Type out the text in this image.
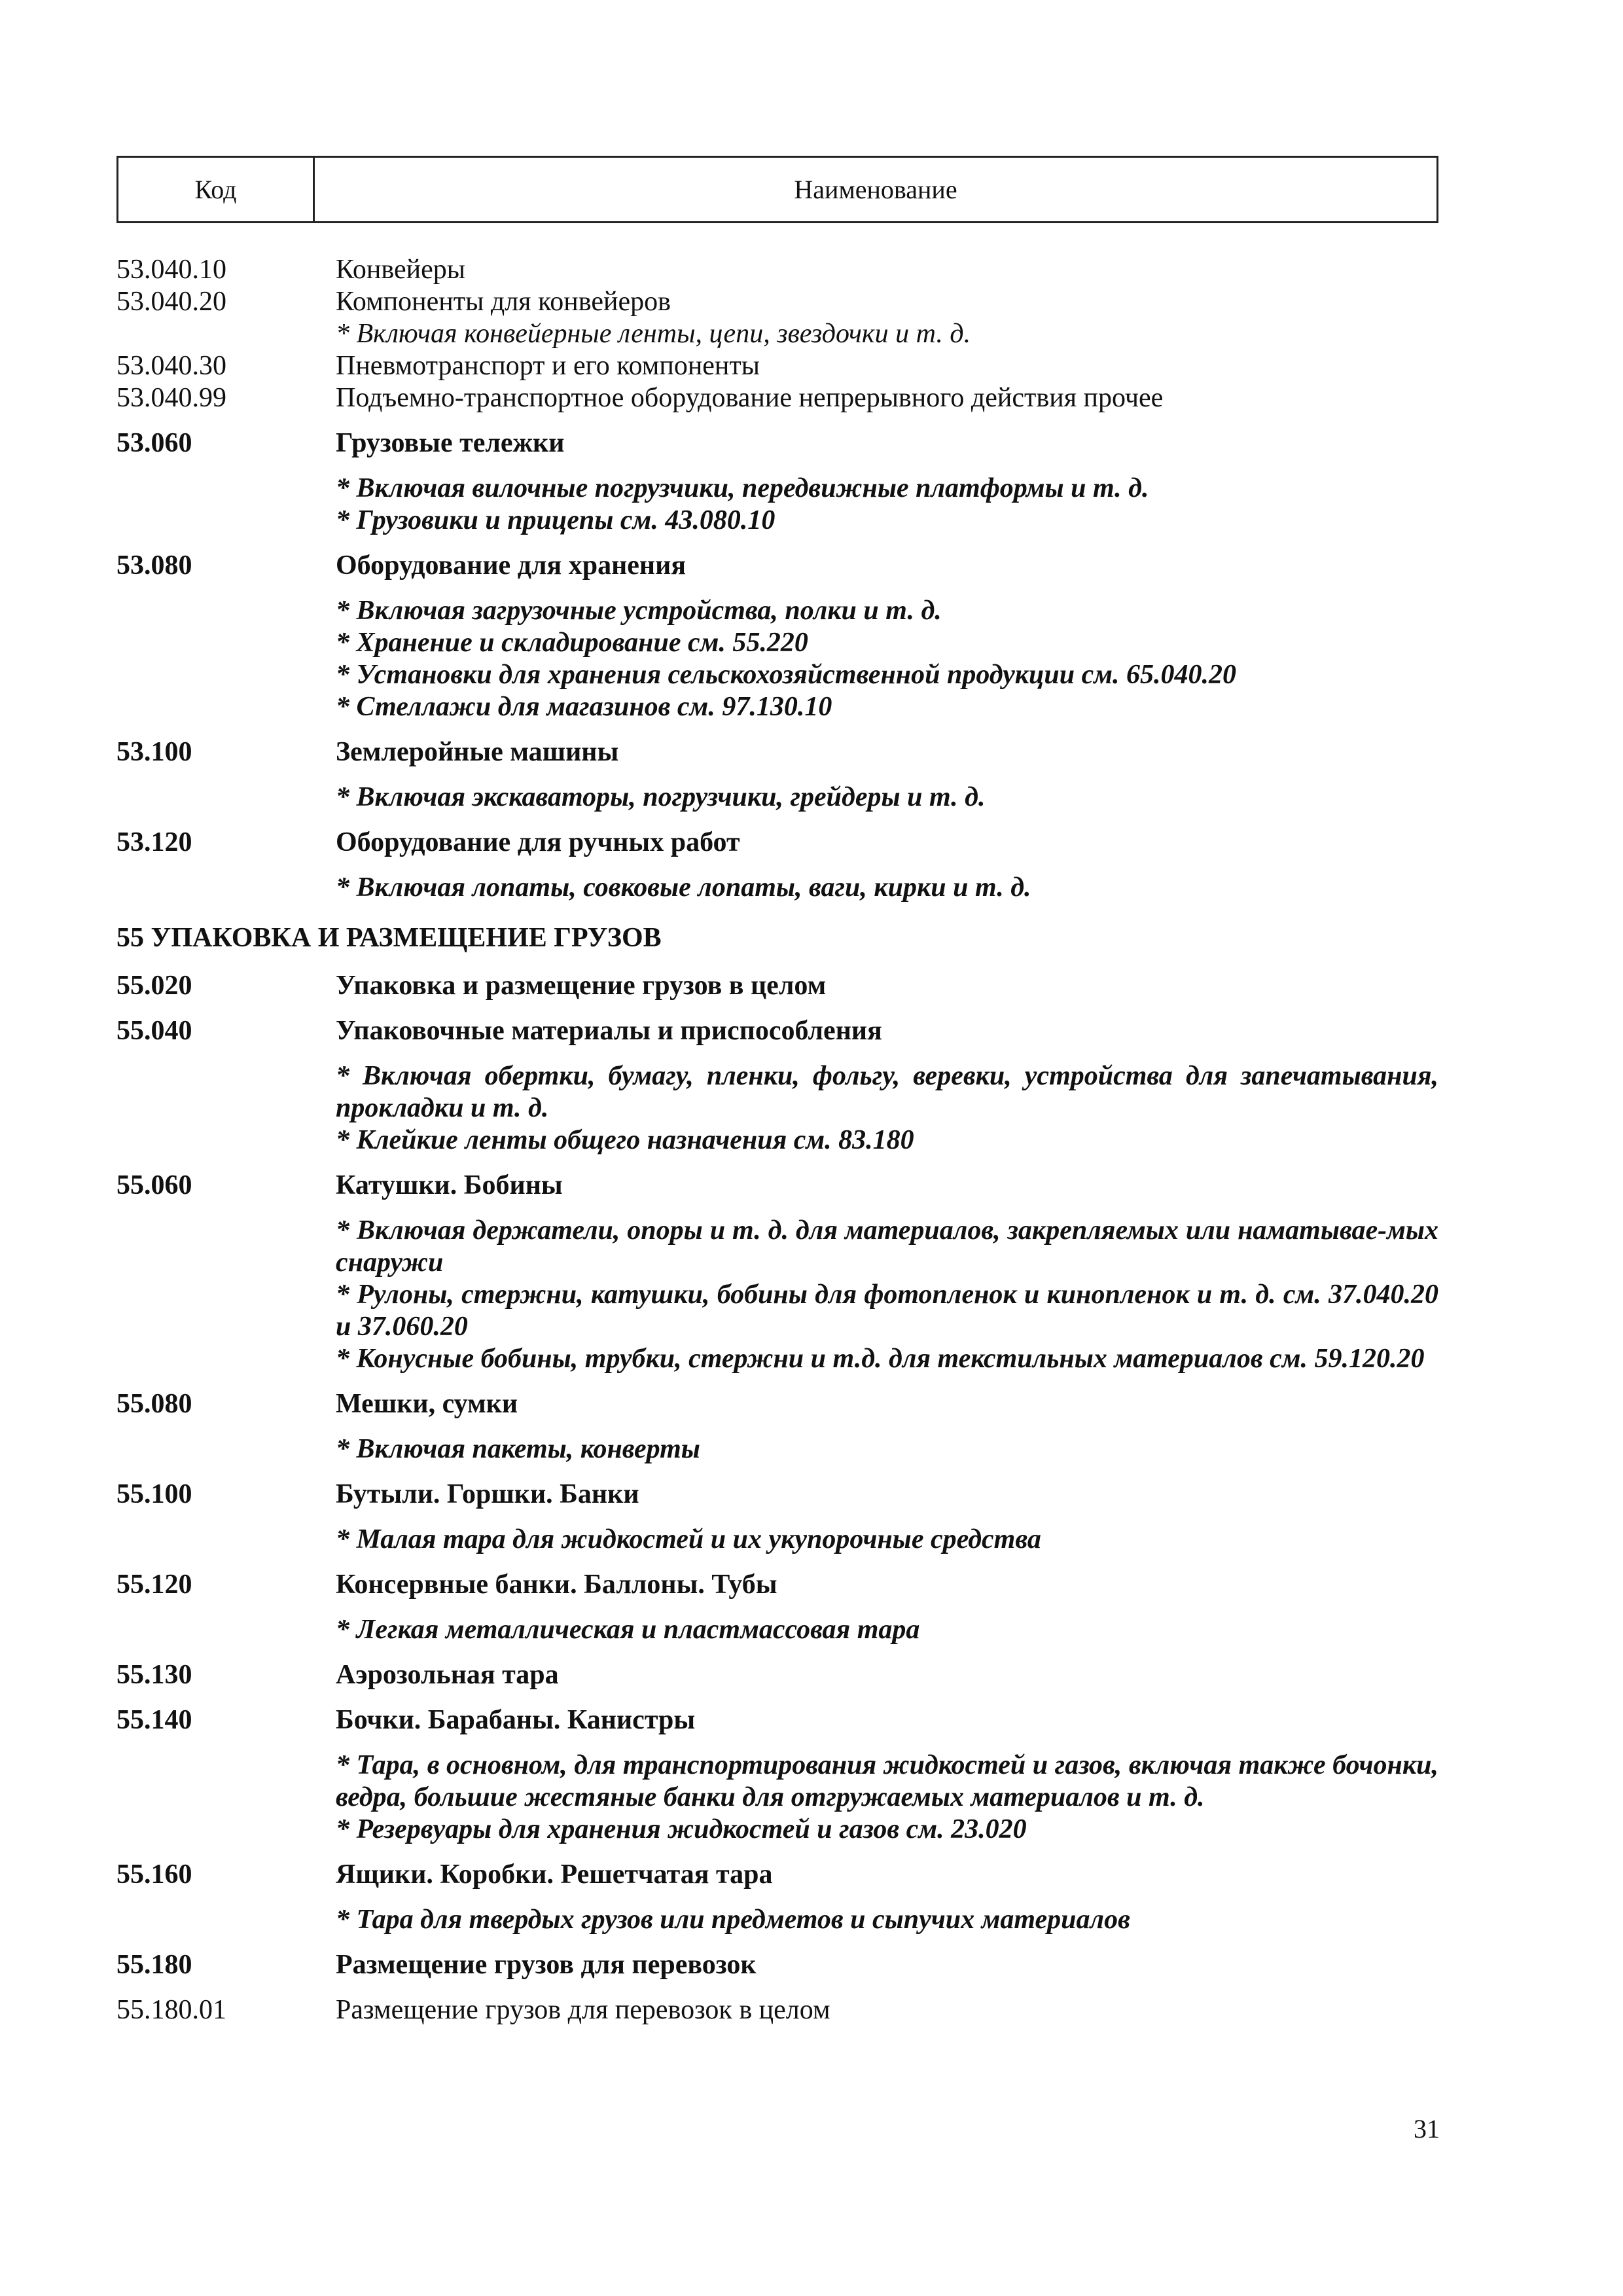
Код	Наименование
53.040.10	Конвейеры
53.040.20	Компоненты для конвейеров
* Включая конвейерные ленты, цепи, звездочки и т. д.
53.040.30	Пневмотранспорт и его компоненты
53.040.99	Подъемно-транспортное оборудование непрерывного действия прочее
53.060	Грузовые тележки
* Включая вилочные погрузчики, передвижные платформы и т. д.
* Грузовики и прицепы см. 43.080.10
53.080	Оборудование для хранения
* Включая загрузочные устройства, полки и т. д.
* Хранение и складирование см. 55.220
* Установки для хранения сельскохозяйственной продукции см. 65.040.20
* Стеллажи для магазинов см. 97.130.10
53.100	Землеройные машины
* Включая экскаваторы, погрузчики, грейдеры и т. д.
53.120	Оборудование для ручных работ
* Включая лопаты, совковые лопаты, ваги, кирки и т. д.
55 УПАКОВКА И РАЗМЕЩЕНИЕ ГРУЗОВ
55.020	Упаковка и размещение грузов в целом
55.040	Упаковочные материалы и приспособления
* Включая обертки, бумагу, пленки, фольгу, веревки, устройства для запечатывания, прокладки и т. д.
* Клейкие ленты общего назначения см. 83.180
55.060	Катушки. Бобины
* Включая держатели, опоры и т. д. для материалов, закрепляемых или наматывае-мых снаружи
* Рулоны, стержни, катушки, бобины для фотопленок и кинопленок и т. д. см. 37.040.20 и 37.060.20
* Конусные бобины, трубки, стержни и т.д. для текстильных материалов см. 59.120.20
55.080	Мешки, сумки
* Включая пакеты, конверты
55.100	Бутыли. Горшки. Банки
* Малая тара для жидкостей и их укупорочные средства
55.120	Консервные банки. Баллоны. Тубы
* Легкая металлическая и пластмассовая тара
55.130	Аэрозольная тара
55.140	Бочки. Барабаны. Канистры
* Тара, в основном, для транспортирования жидкостей и газов, включая также бочонки, ведра, большие жестяные банки для отгружаемых материалов и т. д.
* Резервуары для хранения жидкостей и газов см. 23.020
55.160	Ящики. Коробки. Решетчатая тара
* Тара для твердых грузов или предметов и сыпучих материалов
55.180	Размещение грузов для перевозок
55.180.01	Размещение грузов для перевозок в целом
31
